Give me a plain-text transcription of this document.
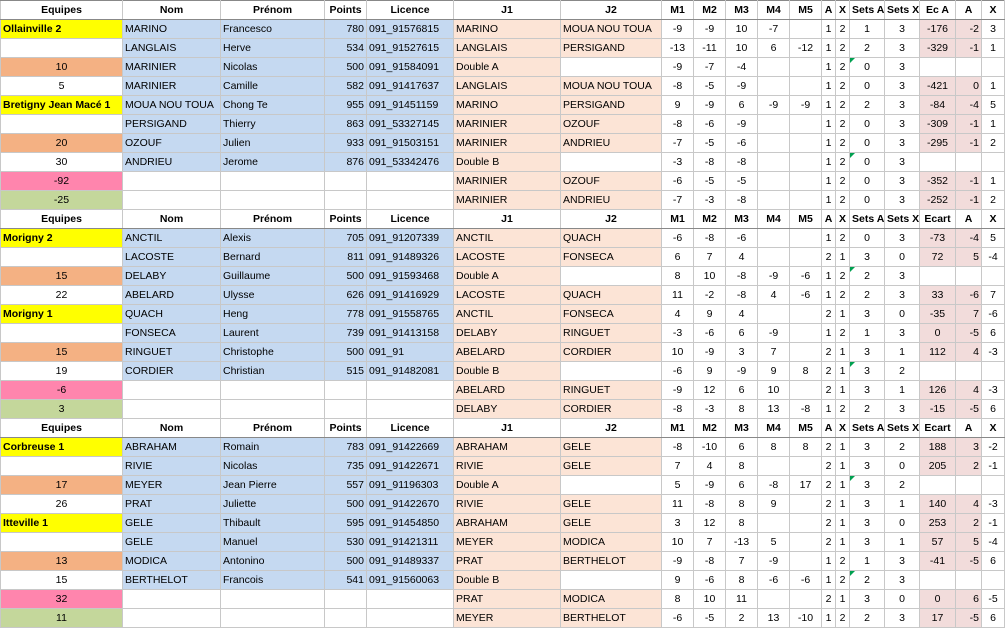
Equipes	Nom	Prénom	Points	Licence	J1	J2	M1	M2	M3	M4	M5	A	X	Sets A	Sets X	Ec A	A	X
Ollainville 2	MARINO	Francesco	780	091_91576815	MARINO	MOUA NOU TOUA	-9	-9	10	-7		1	2	1	3	-176	-2	3
	LANGLAIS	Herve	534	091_91527615	LANGLAIS	PERSIGAND	-13	-11	10	6	-12	1	2	2	3	-329	-1	1
10	MARINIER	Nicolas	500	091_91584091	Double A		-9	-7	-4			1	2	0	3			
5	MARINIER	Camille	582	091_91417637	LANGLAIS	MOUA NOU TOUA	-8	-5	-9			1	2	0	3	-421	0	1
Bretigny Jean Macé 1	MOUA NOU TOUA	Chong Te	955	091_91451159	MARINO	PERSIGAND	9	-9	6	-9	-9	1	2	2	3	-84	-4	5
	PERSIGAND	Thierry	863	091_53327145	MARINIER	OZOUF	-8	-6	-9			1	2	0	3	-309	-1	1
20	OZOUF	Julien	933	091_91503151	MARINIER	ANDRIEU	-7	-5	-6			1	2	0	3	-295	-1	2
30	ANDRIEU	Jerome	876	091_53342476	Double B		-3	-8	-8			1	2	0	3			
-92					MARINIER	OZOUF	-6	-5	-5			1	2	0	3	-352	-1	1
-25					MARINIER	ANDRIEU	-7	-3	-8			1	2	0	3	-252	-1	2
Equipes	Nom	Prénom	Points	Licence	J1	J2	M1	M2	M3	M4	M5	A	X	Sets A	Sets X	Ecart	A	X
Morigny 2	ANCTIL	Alexis	705	091_91207339	ANCTIL	QUACH	-6	-8	-6			1	2	0	3	-73	-4	5
	LACOSTE	Bernard	811	091_91489326	LACOSTE	FONSECA	6	7	4			2	1	3	0	72	5	-4
15	DELABY	Guillaume	500	091_91593468	Double A		8	10	-8	-9	-6	1	2	2	3			
22	ABELARD	Ulysse	626	091_91416929	LACOSTE	QUACH	11	-2	-8	4	-6	1	2	2	3	33	-6	7
Morigny 1	QUACH	Heng	778	091_91558765	ANCTIL	FONSECA	4	9	4			2	1	3	0	-35	7	-6
	FONSECA	Laurent	739	091_91413158	DELABY	RINGUET	-3	-6	6	-9		1	2	1	3	0	-5	6
15	RINGUET	Christophe	500	091_91	ABELARD	CORDIER	10	-9	3	7		2	1	3	1	112	4	-3
19	CORDIER	Christian	515	091_91482081	Double B		-6	9	-9	9	8	2	1	3	2			
-6					ABELARD	RINGUET	-9	12	6	10		2	1	3	1	126	4	-3
3					DELABY	CORDIER	-8	-3	8	13	-8	1	2	2	3	-15	-5	6
Equipes	Nom	Prénom	Points	Licence	J1	J2	M1	M2	M3	M4	M5	A	X	Sets A	Sets X	Ecart	A	X
Corbreuse 1	ABRAHAM	Romain	783	091_91422669	ABRAHAM	GELE	-8	-10	6	8	8	2	1	3	2	188	3	-2
	RIVIE	Nicolas	735	091_91422671	RIVIE	GELE	7	4	8			2	1	3	0	205	2	-1
17	MEYER	Jean Pierre	557	091_91196303	Double A		5	-9	6	-8	17	2	1	3	2			
26	PRAT	Juliette	500	091_91422670	RIVIE	GELE	11	-8	8	9		2	1	3	1	140	4	-3
Itteville 1	GELE	Thibault	595	091_91454850	ABRAHAM	GELE	3	12	8			2	1	3	0	253	2	-1
	GELE	Manuel	530	091_91421311	MEYER	MODICA	10	7	-13	5		2	1	3	1	57	5	-4
13	MODICA	Antonino	500	091_91489337	PRAT	BERTHELOT	-9	-8	7	-9		1	2	1	3	-41	-5	6
15	BERTHELOT	Francois	541	091_91560063	Double B		9	-6	8	-6	-6	1	2	2	3			
32					PRAT	MODICA	8	10	11			2	1	3	0	0	6	-5
11					MEYER	BERTHELOT	-6	-5	2	13	-10	1	2	2	3	17	-5	6
